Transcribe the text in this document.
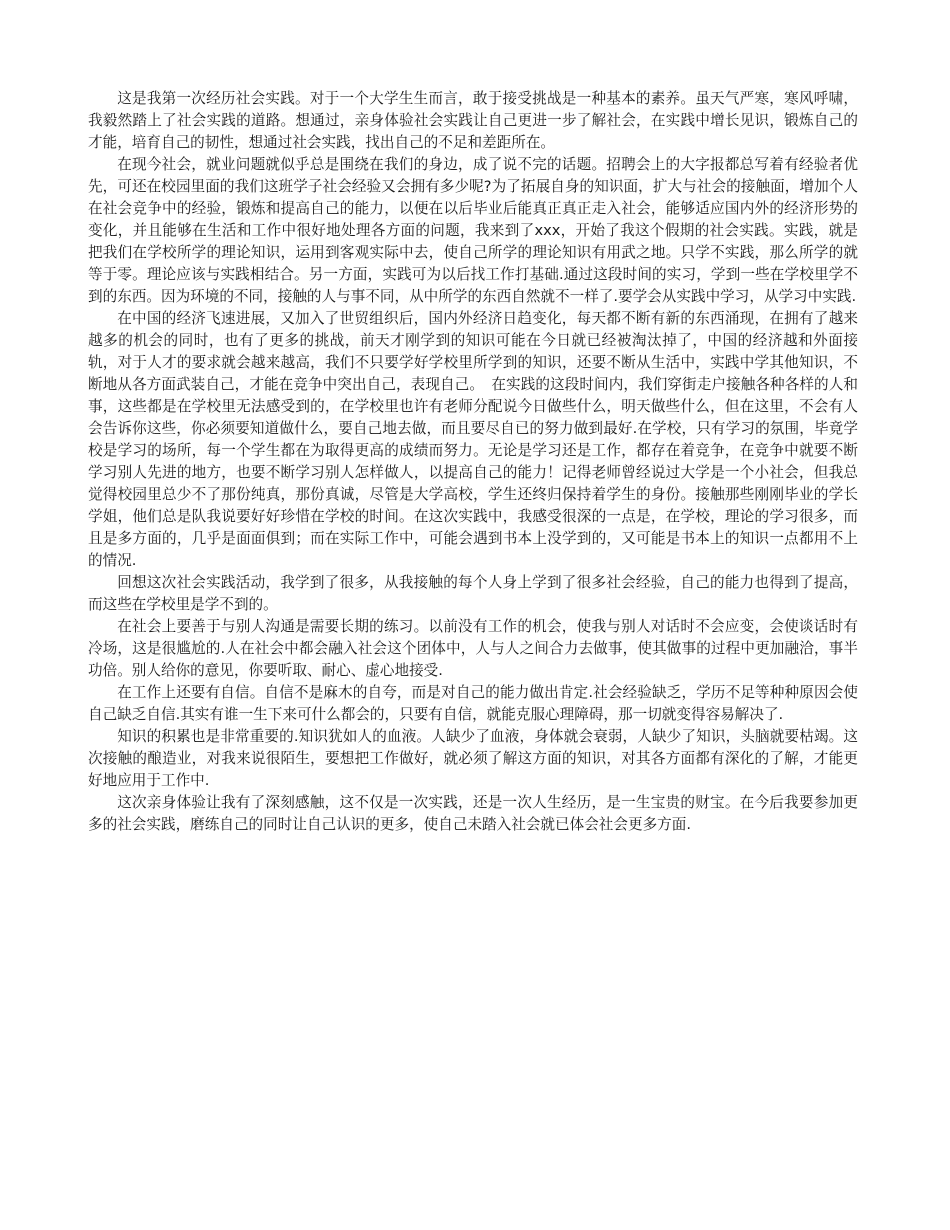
这是我第一次经历社会实践。对于一个大学生生而言，敢于接受挑战是一种基本的素养。虽天气严寒，寒风呼啸，我毅然踏上了社会实践的道路。想通过，亲身体验社会实践让自己更进一步了解社会，在实践中增长见识，锻炼自己的才能，培育自己的韧性，想通过社会实践，找出自己的不足和差距所在。

在现今社会，就业问题就似乎总是围绕在我们的身边，成了说不完的话题。招聘会上的大字报都总写着有经验者优先，可还在校园里面的我们这班学子社会经验又会拥有多少呢?为了拓展自身的知识面，扩大与社会的接触面，增加个人在社会竞争中的经验，锻炼和提高自己的能力，以便在以后毕业后能真正真正走入社会，能够适应国内外的经济形势的变化，并且能够在生活和工作中很好地处理各方面的问题，我来到了xxx，开始了我这个假期的社会实践。实践，就是把我们在学校所学的理论知识，运用到客观实际中去，使自己所学的理论知识有用武之地。只学不实践，那么所学的就等于零。理论应该与实践相结合。另一方面，实践可为以后找工作打基础.通过这段时间的实习，学到一些在学校里学不到的东西。因为环境的不同，接触的人与事不同，从中所学的东西自然就不一样了.要学会从实践中学习，从学习中实践.

在中国的经济飞速进展，又加入了世贸组织后，国内外经济日趋变化，每天都不断有新的东西涌现，在拥有了越来越多的机会的同时，也有了更多的挑战，前天才刚学到的知识可能在今日就已经被淘汰掉了，中国的经济越和外面接轨，对于人才的要求就会越来越高，我们不只要学好学校里所学到的知识，还要不断从生活中，实践中学其他知识，不断地从各方面武装自己，才能在竞争中突出自己，表现自己。　在实践的这段时间内，我们穿街走户接触各种各样的人和事，这些都是在学校里无法感受到的，在学校里也许有老师分配说今日做些什么，明天做些什么，但在这里，不会有人会告诉你这些，你必须要知道做什么，要自己地去做，而且要尽自已的努力做到最好.在学校，只有学习的氛围，毕竟学校是学习的场所，每一个学生都在为取得更高的成绩而努力。无论是学习还是工作，都存在着竞争，在竞争中就要不断学习别人先进的地方，也要不断学习别人怎样做人，以提高自己的能力！记得老师曾经说过大学是一个小社会，但我总觉得校园里总少不了那份纯真，那份真诚，尽管是大学高校，学生还终归保持着学生的身份。接触那些刚刚毕业的学长学姐，他们总是队我说要好好珍惜在学校的时间。在这次实践中，我感受很深的一点是，在学校，理论的学习很多，而且是多方面的，几乎是面面俱到；而在实际工作中，可能会遇到书本上没学到的，又可能是书本上的知识一点都用不上的情况.

回想这次社会实践活动，我学到了很多，从我接触的每个人身上学到了很多社会经验，自己的能力也得到了提高，而这些在学校里是学不到的。

在社会上要善于与别人沟通是需要长期的练习。以前没有工作的机会，使我与别人对话时不会应变，会使谈话时有冷场，这是很尴尬的.人在社会中都会融入社会这个团体中，人与人之间合力去做事，使其做事的过程中更加融洽，事半功倍。别人给你的意见，你要听取、耐心、虚心地接受.

在工作上还要有自信。自信不是麻木的自夸，而是对自己的能力做出肯定.社会经验缺乏，学历不足等种种原因会使自己缺乏自信.其实有谁一生下来可什么都会的，只要有自信，就能克服心理障碍，那一切就变得容易解决了.

知识的积累也是非常重要的.知识犹如人的血液。人缺少了血液，身体就会衰弱，人缺少了知识，头脑就要枯竭。这次接触的酿造业，对我来说很陌生，要想把工作做好，就必须了解这方面的知识，对其各方面都有深化的了解，才能更好地应用于工作中.

这次亲身体验让我有了深刻感触，这不仅是一次实践，还是一次人生经历，是一生宝贵的财宝。在今后我要参加更多的社会实践，磨练自己的同时让自己认识的更多，使自己未踏入社会就已体会社会更多方面.
